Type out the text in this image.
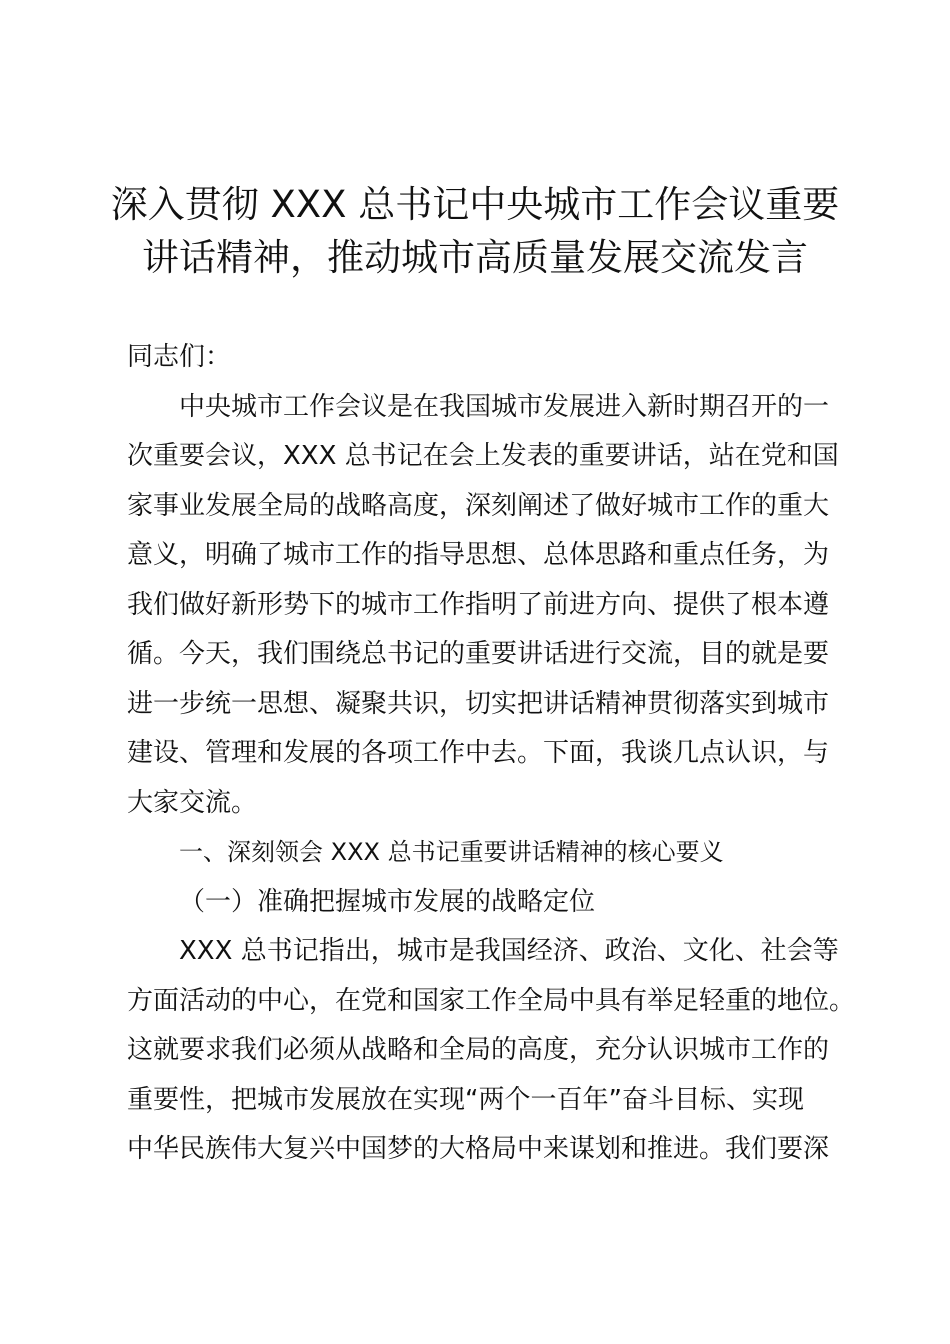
深入贯彻 XXX 总书记中央城市工作会议重要
讲话精神，推动城市高质量发展交流发言
同志们：
中央城市工作会议是在我国城市发展进入新时期召开的一
次重要会议，XXX 总书记在会上发表的重要讲话，站在党和国
家事业发展全局的战略高度，深刻阐述了做好城市工作的重大
意义，明确了城市工作的指导思想、总体思路和重点任务，为
我们做好新形势下的城市工作指明了前进方向、提供了根本遵
循。今天，我们围绕总书记的重要讲话进行交流，目的就是要
进一步统一思想、凝聚共识，切实把讲话精神贯彻落实到城市
建设、管理和发展的各项工作中去。下面，我谈几点认识，与
大家交流。
一、深刻领会 XXX 总书记重要讲话精神的核心要义
（一）准确把握城市发展的战略定位
XXX 总书记指出，城市是我国经济、政治、文化、社会等
方面活动的中心，在党和国家工作全局中具有举足轻重的地位。
这就要求我们必须从战略和全局的高度，充分认识城市工作的
重要性，把城市发展放在实现“两个一百年”奋斗目标、实现
中华民族伟大复兴中国梦的大格局中来谋划和推进。我们要深
